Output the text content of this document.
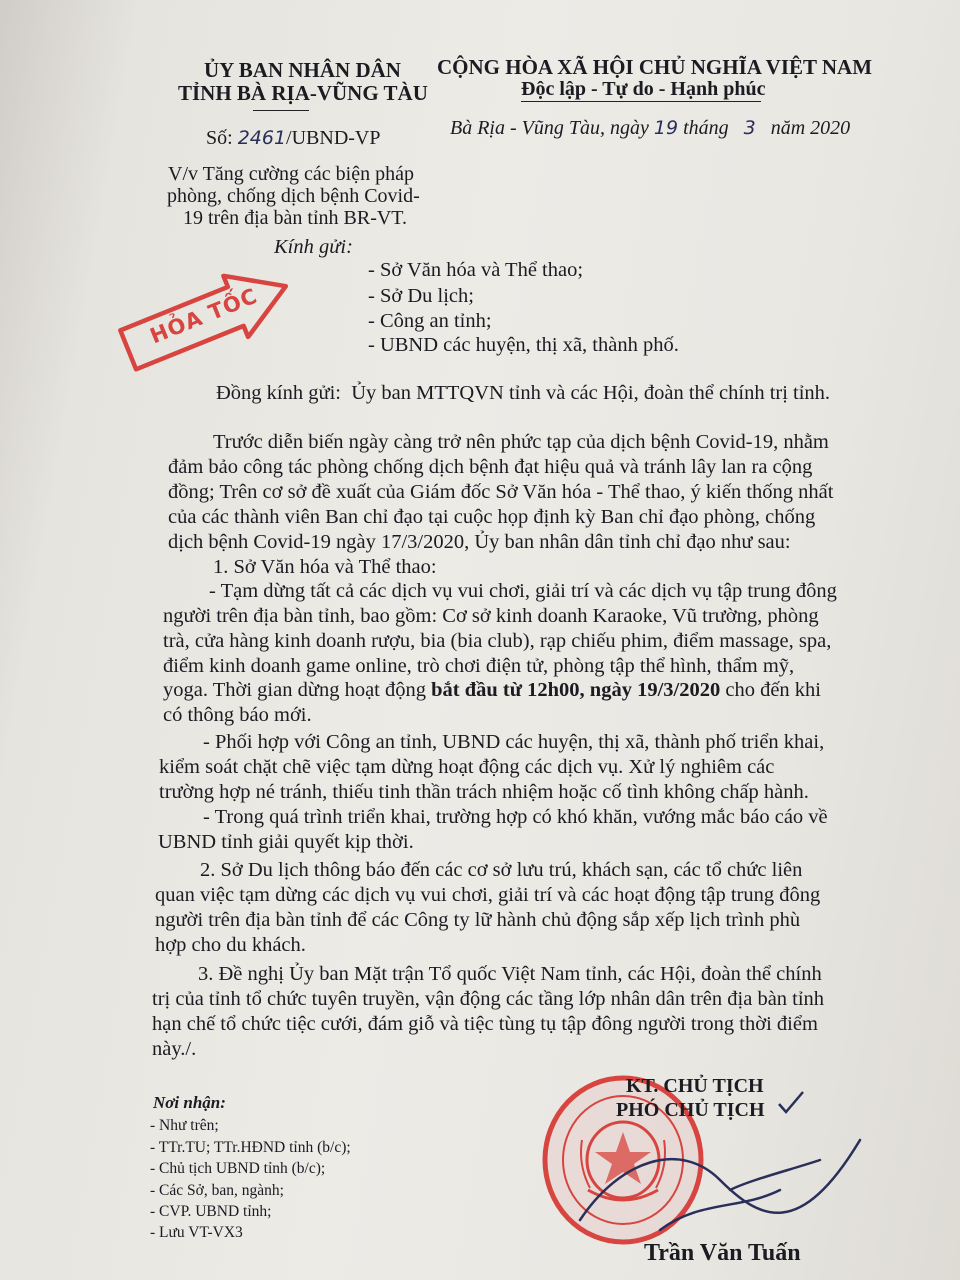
ỦY BAN NHÂN DÂN
TỈNH BÀ RỊA-VŨNG TÀU
Số: 2461/UBND-VP
V/v Tăng cường các biện pháp
phòng, chống dịch bệnh Covid-
19 trên địa bàn tỉnh BR-VT.
CỘNG HÒA XÃ HỘI CHỦ NGHĨA VIỆT NAM
Độc lập - Tự do - Hạnh phúc
Bà Rịa - Vũng Tàu, ngày 19 tháng 3 năm 2020
HỎA TỐC
Kính gửi:
- Sở Văn hóa và Thể thao;
- Sở Du lịch;
- Công an tỉnh;
- UBND các huyện, thị xã, thành phố.
Đồng kính gửi:  Ủy ban MTTQVN tỉnh và các Hội, đoàn thể chính trị tỉnh.
Trước diễn biến ngày càng trở nên phức tạp của dịch bệnh Covid-19, nhằm
đảm bảo công tác phòng chống dịch bệnh đạt hiệu quả và tránh lây lan ra cộng
đồng; Trên cơ sở đề xuất của Giám đốc Sở Văn hóa - Thể thao, ý kiến thống nhất
của các thành viên Ban chỉ đạo tại cuộc họp định kỳ Ban chỉ đạo phòng, chống
dịch bệnh Covid-19 ngày 17/3/2020, Ủy ban nhân dân tỉnh chỉ đạo như sau:
1. Sở Văn hóa và Thể thao:
- Tạm dừng tất cả các dịch vụ vui chơi, giải trí và các dịch vụ tập trung đông
người trên địa bàn tỉnh, bao gồm: Cơ sở kinh doanh Karaoke, Vũ trường, phòng
trà, cửa hàng kinh doanh rượu, bia (bia club), rạp chiếu phim, điểm massage, spa,
điểm kinh doanh game online, trò chơi điện tử, phòng tập thể hình, thẩm mỹ,
yoga. Thời gian dừng hoạt động bắt đầu từ 12h00, ngày 19/3/2020 cho đến khi
có thông báo mới.
- Phối hợp với Công an tỉnh, UBND các huyện, thị xã, thành phố triển khai,
kiểm soát chặt chẽ việc tạm dừng hoạt động các dịch vụ. Xử lý nghiêm các
trường hợp né tránh, thiếu tinh thần trách nhiệm hoặc cố tình không chấp hành.
- Trong quá trình triển khai, trường hợp có khó khăn, vướng mắc báo cáo về
UBND tỉnh giải quyết kịp thời.
2. Sở Du lịch thông báo đến các cơ sở lưu trú, khách sạn, các tổ chức liên
quan việc tạm dừng các dịch vụ vui chơi, giải trí và các hoạt động tập trung đông
người trên địa bàn tỉnh để các Công ty lữ hành chủ động sắp xếp lịch trình phù
hợp cho du khách.
3. Đề nghị Ủy ban Mặt trận Tổ quốc Việt Nam tỉnh, các Hội, đoàn thể chính
trị của tỉnh tổ chức tuyên truyền, vận động các tầng lớp nhân dân trên địa bàn tỉnh
hạn chế tổ chức tiệc cưới, đám giỗ và tiệc tùng tụ tập đông người trong thời điểm
này./.
Nơi nhận:
- Như trên;
- TTr.TU; TTr.HĐND tỉnh (b/c);
- Chủ tịch UBND tỉnh (b/c);
- Các Sở, ban, ngành;
- CVP. UBND tỉnh;
- Lưu VT-VX3
KT. CHỦ TỊCH
PHÓ CHỦ TỊCH
Trần Văn Tuấn
